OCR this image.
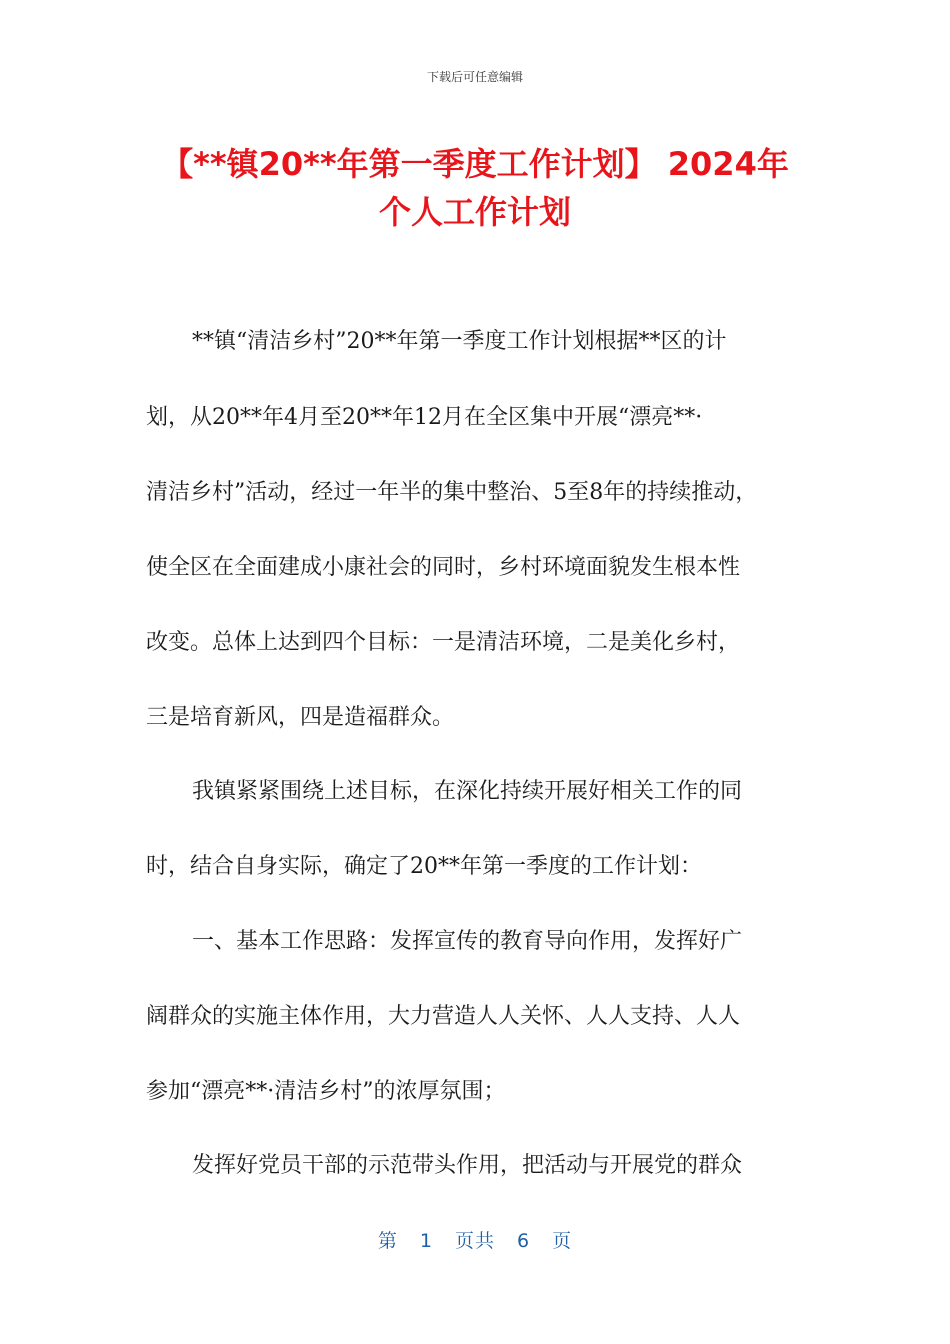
下载后可任意编辑
【**镇20**年第一季度工作计划】 2024年
个人工作计划
**镇“清洁乡村”20**年第一季度工作计划根据**区的计
划，从20**年4月至20**年12月在全区集中开展“漂亮**·
清洁乡村”活动，经过一年半的集中整治、5至8年的持续推动，
使全区在全面建成小康社会的同时，乡村环境面貌发生根本性
改变。总体上达到四个目标：一是清洁环境，二是美化乡村，
三是培育新风，四是造福群众。
我镇紧紧围绕上述目标，在深化持续开展好相关工作的同
时，结合自身实际，确定了20**年第一季度的工作计划：
一、基本工作思路：发挥宣传的教育导向作用，发挥好广
阔群众的实施主体作用，大力营造人人关怀、人人支持、人人
参加“漂亮**·清洁乡村”的浓厚氛围；
发挥好党员干部的示范带头作用，把活动与开展党的群众
第 1 页共 6 页
